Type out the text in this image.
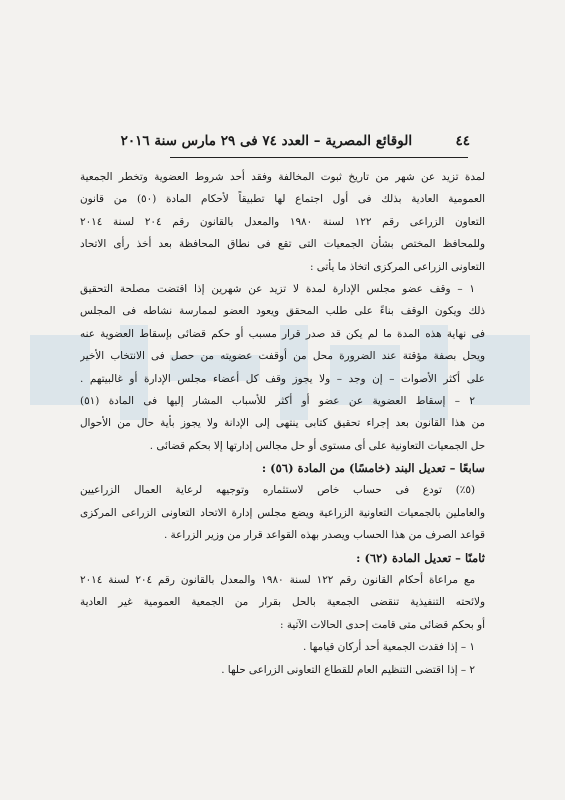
٤٤  الوقائع المصرية – العدد ٧٤ فى ٢٩ مارس سنة ٢٠١٦
لمدة تزيد عن شهر من تاريخ ثبوت المخالفة وفقد أحد شروط العضوية وتخطر الجمعية
العمومية العادية بذلك فى أول اجتماع لها تطبيقاً لأحكام المادة (٥٠) من قانون
التعاون الزراعى رقم ١٢٢ لسنة ١٩٨٠ والمعدل بالقانون رقم ٢٠٤ لسنة ٢٠١٤
وللمحافظ المختص بشأن الجمعيات التى تقع فى نطاق المحافظة بعد أخذ رأى الاتحاد
التعاونى الزراعى المركزى اتخاذ ما يأتى :
١ – وقف عضو مجلس الإدارة لمدة لا تزيد عن شهرين إذا اقتضت مصلحة التحقيق
ذلك ويكون الوقف بناءً على طلب المحقق ويعود العضو لممارسة نشاطه فى المجلس
فى نهاية هذه المدة ما لم يكن قد صدر قرار مسبب أو حكم قضائى بإسقاط العضوية عنه
ويحل بصفة مؤقتة عند الضرورة محل من أوقفت عضويته من حصل فى الانتخاب الأخير
على أكثر الأصوات – إن وجد – ولا يجوز وقف كل أعضاء مجلس الإدارة أو غالبيتهم .
٢ – إسقاط العضوية عن عضو أو أكثر للأسباب المشار إليها فى المادة (٥١)
من هذا القانون بعد إجراء تحقيق كتابى ينتهى إلى الإدانة ولا يجوز بأية حال من الأحوال
حل الجمعيات التعاونية على أى مستوى أو حل مجالس إدارتها إلا بحكم قضائى .
سابعًا – تعديل البند (خامسًا) من المادة (٥٦) :
(٥٪) تودع فى حساب خاص لاستثماره وتوجيهه لرعاية العمال الزراعيين
والعاملين بالجمعيات التعاونية الزراعية ويضع مجلس إدارة الاتحاد التعاونى الزراعى المركزى
قواعد الصرف من هذا الحساب ويصدر بهذه القواعد قرار من وزير الزراعة .
ثامنًا – تعديل المادة (٦٢) :
مع مراعاة أحكام القانون رقم ١٢٢ لسنة ١٩٨٠ والمعدل بالقانون رقم ٢٠٤ لسنة ٢٠١٤
ولائحته التنفيذية تنقضى الجمعية بالحل بقرار من الجمعية العمومية غير العادية
أو بحكم قضائى متى قامت إحدى الحالات الآتية :
١ – إذا فقدت الجمعية أحد أركان قيامها .
٢ – إذا اقتضى التنظيم العام للقطاع التعاونى الزراعى حلها .
